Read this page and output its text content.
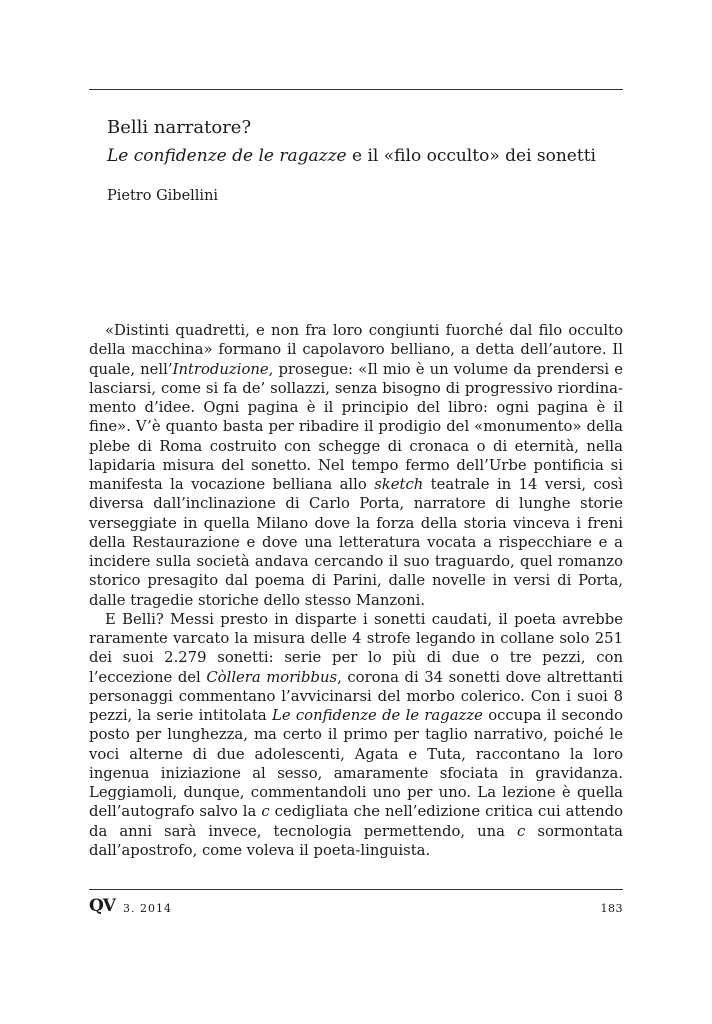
Belli narratore?
Le confidenze de le ragazze e il «filo occulto» dei sonetti

Pietro Gibellini

«Distinti quadretti, e non fra loro congiunti fuorché dal filo occulto della macchina» formano il capolavoro belliano, a detta dell’autore. Il quale, nell’Introduzione, prosegue: «Il mio è un volume da prendersi e lasciarsi, come si fa de’ sollazzi, senza bisogno di progressivo riordinamento d’idee. Ogni pagina è il principio del libro: ogni pagina è il fine». V’è quanto basta per ribadire il prodigio del «monumento» della plebe di Roma costruito con schegge di cronaca o di eternità, nella lapidaria misura del sonetto. Nel tempo fermo dell’Urbe pontificia si manifesta la vocazione belliana allo sketch teatrale in 14 versi, così diversa dall’inclinazione di Carlo Porta, narratore di lunghe storie verseggiate in quella Milano dove la forza della storia vinceva i freni della Restaurazione e dove una letteratura vocata a rispecchiare e a incidere sulla società andava cercando il suo traguardo, quel romanzo storico presagito dal poema di Parini, dalle novelle in versi di Porta, dalle tragedie storiche dello stesso Manzoni.

E Belli? Messi presto in disparte i sonetti caudati, il poeta avrebbe raramente varcato la misura delle 4 strofe legando in collane solo 251 dei suoi 2.279 sonetti: serie per lo più di due o tre pezzi, con l’eccezione del Còllera moribbus, corona di 34 sonetti dove altrettanti personaggi commentano l’avvicinarsi del morbo colerico. Con i suoi 8 pezzi, la serie intitolata Le confidenze de le ragazze occupa il secondo posto per lunghezza, ma certo il primo per taglio narrativo, poiché le voci alterne di due adolescenti, Agata e Tuta, raccontano la loro ingenua iniziazione al sesso, amaramente sfociata in gravidanza. Leggiamoli, dunque, commentandoli uno per uno. La lezione è quella dell’autografo salvo la c cedigliata che nell’edizione critica cui attendo da anni sarà invece, tecnologia permettendo, una c sormontata dall’apostrofo, come voleva il poeta-linguista.

QV 3. 2014	183
